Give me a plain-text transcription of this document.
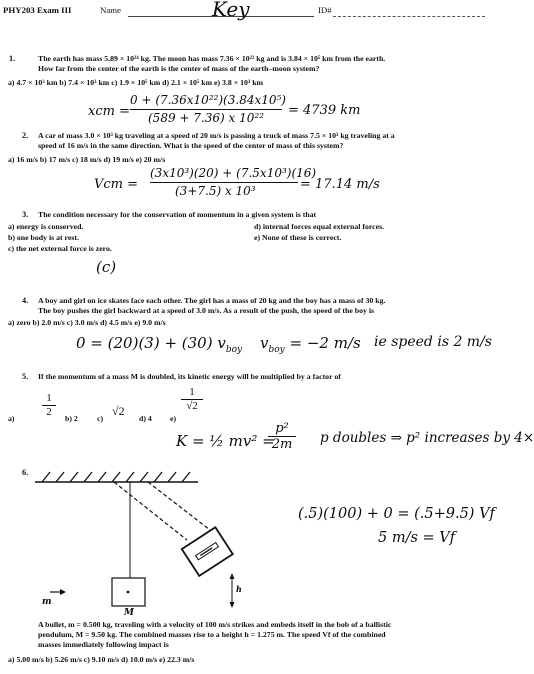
PHY203 Exam III	Name	Key	ID#
1.	The earth has mass 5.89 × 10²⁴ kg. The moon has mass 7.36 × 10²² kg and is 3.84 × 10⁵ km from the earth.
How far from the center of the earth is the center of mass of the earth–moon system?
a) 4.7 × 10³ km b) 7.4 × 10³ km c) 1.9 × 10⁵ km d) 2.1 × 10⁵ km e) 3.8 × 10³ km
xcm =
0 + (7.36x10²²)(3.84x10⁵)
(589 + 7.36) x 10²² = 4739 km
2. A car of mass 3.0 × 10³ kg traveling at a speed of 20 m/s is passing a truck of mass 7.5 × 10³ kg traveling at a
speed of 16 m/s in the same direction. What is the speed of the center of mass of this system?
a) 16 m/s b) 17 m/s c) 18 m/s d) 19 m/s e) 20 m/s
Vcm =
(3x10³)(20) + (7.5x10³)(16)
(3+7.5) x 10³	= 17.14 m/s
3. The condition necessary for the conservation of momentum in a given system is that
a) energy is conserved.
b) one body is at rest.
c) the net external force is zero.
d) internal forces equal external forces.
e) None of these is correct.
(c)
4. A boy and girl on ice skates face each other. The girl has a mass of 20 kg and the boy has a mass of 30 kg.
The boy pushes the girl backward at a speed of 3.0 m/s. As a result of the push, the speed of the boy is
a) zero b) 2.0 m/s c) 3.0 m/s d) 4.5 m/s e) 9.0 m/s
0 = (20)(3) + (30) $v_{boy}$ $v_{boy} = -2$ m/s ie speed is 2 m/s
5. If the momentum of a mass M is doubled, its kinetic energy will be multiplied by a factor of
a)	$\frac{1}{2} b$) 2 c)
√2
d) 4 e)
$\frac{1}{√2}$
K = ½ mv² =
$\frac{\text{p²}}{2m}$ p doubles ⇒ p² increases by 4×
6.
m
M
h
(.5)(100) + 0 = (.5+9.5) Vf
5 m/s = Vf
A bullet, m = 0.500 kg, traveling with a velocity of 100 m/s strikes and embeds itself in the bob of a ballistic
pendulum, M = 9.50 kg. The combined masses rise to a height h = 1.275 m. The speed Vf of the combined
masses immediately following impact is
a) 5.00 m/s b) 5.26 m/s c) 9.10 m/s d) 10.0 m/s e) 22.3 m/s
